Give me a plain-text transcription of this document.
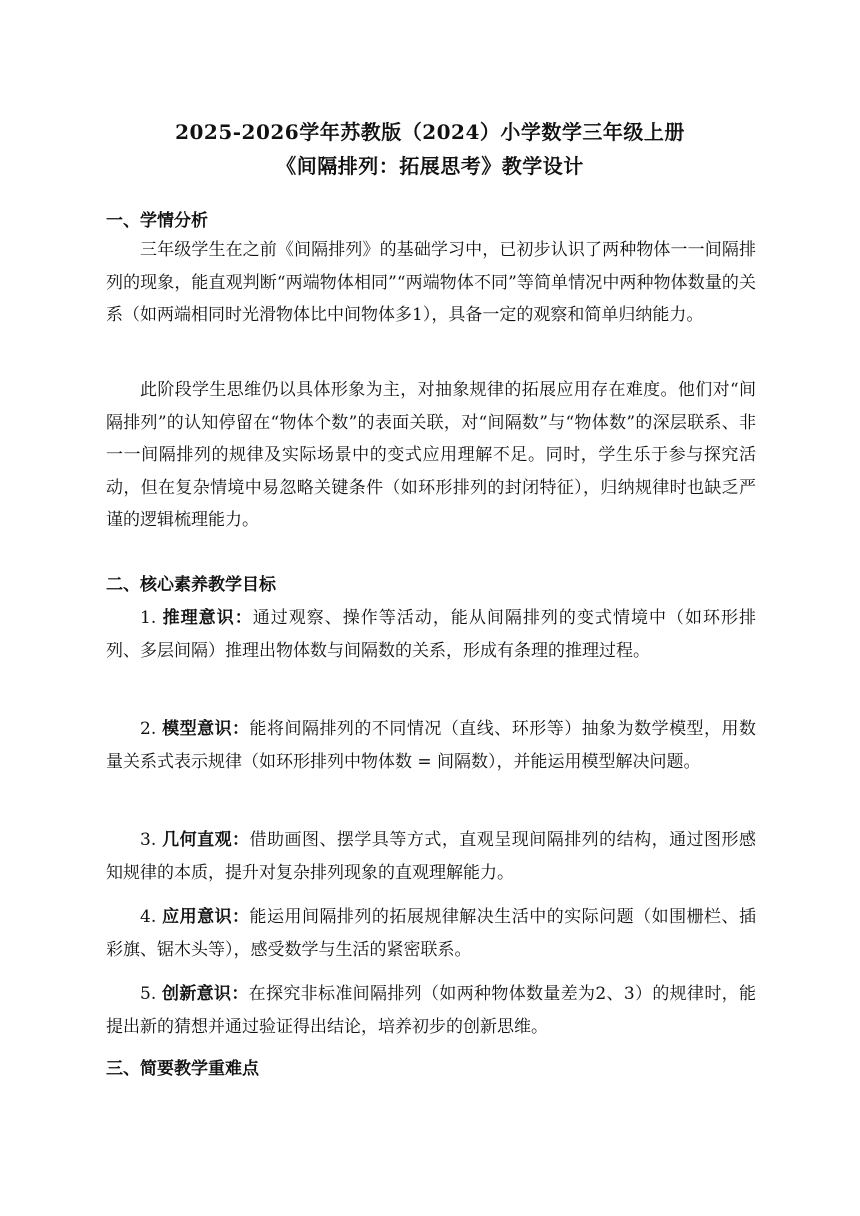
2025-2026学年苏教版（2024）小学数学三年级上册
《间隔排列：拓展思考》教学设计
一、学情分析

三年级学生在之前《间隔排列》的基础学习中，已初步认识了两种物体一一间隔排列的现象，能直观判断“两端物体相同”“两端物体不同”等简单情况中两种物体数量的关系（如两端相同时光滑物体比中间物体多1），具备一定的观察和简单归纳能力。

此阶段学生思维仍以具体形象为主，对抽象规律的拓展应用存在难度。他们对“间隔排列”的认知停留在“物体个数”的表面关联，对“间隔数”与“物体数”的深层联系、非一一间隔排列的规律及实际场景中的变式应用理解不足。同时，学生乐于参与探究活动，但在复杂情境中易忽略关键条件（如环形排列的封闭特征），归纳规律时也缺乏严谨的逻辑梳理能力。

二、核心素养教学目标

1. 推理意识：通过观察、操作等活动，能从间隔排列的变式情境中（如环形排列、多层间隔）推理出物体数与间隔数的关系，形成有条理的推理过程。

2. 模型意识：能将间隔排列的不同情况（直线、环形等）抽象为数学模型，用数量关系式表示规律（如环形排列中物体数 = 间隔数），并能运用模型解决问题。

3. 几何直观：借助画图、摆学具等方式，直观呈现间隔排列的结构，通过图形感知规律的本质，提升对复杂排列现象的直观理解能力。

4. 应用意识：能运用间隔排列的拓展规律解决生活中的实际问题（如围栅栏、插彩旗、锯木头等），感受数学与生活的紧密联系。

5. 创新意识：在探究非标准间隔排列（如两种物体数量差为2、3）的规律时，能提出新的猜想并通过验证得出结论，培养初步的创新思维。

三、简要教学重难点
